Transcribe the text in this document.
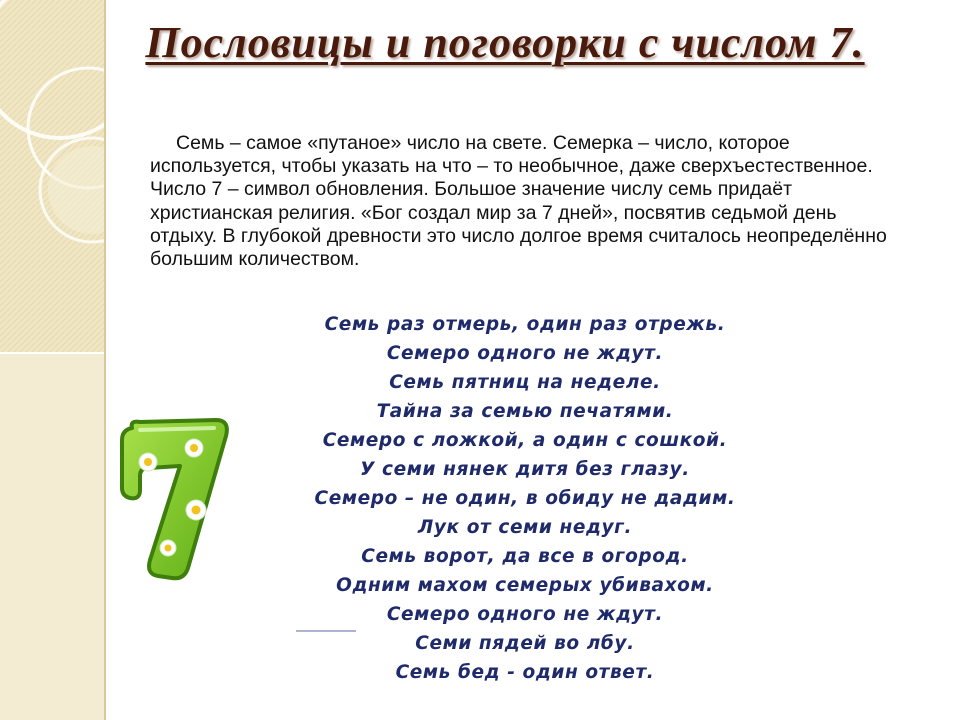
Пословицы и поговорки с числом 7.

Семь – самое «путаное» число на свете. Семерка – число, которое используется, чтобы указать на что – то необычное, даже сверхъестественное. Число 7 – символ обновления. Большое значение числу семь придаёт христианская религия. «Бог создал мир за 7 дней», посвятив седьмой день отдыху. В глубокой древности это число долгое время считалось неопределённо большим количеством.

Семь раз отмерь, один раз отрежь.
Семеро одного не ждут.
Семь пятниц на неделе.
Тайна за семью печатями.
Семеро с ложкой, а один с сошкой.
У семи нянек дитя без глазу.
Семеро – не один, в обиду не дадим.
Лук от семи недуг.
Семь ворот, да все в огород.
Одним махом семерых убивахом.
Семеро одного не ждут.
Семи пядей во лбу.
Семь бед - один ответ.
